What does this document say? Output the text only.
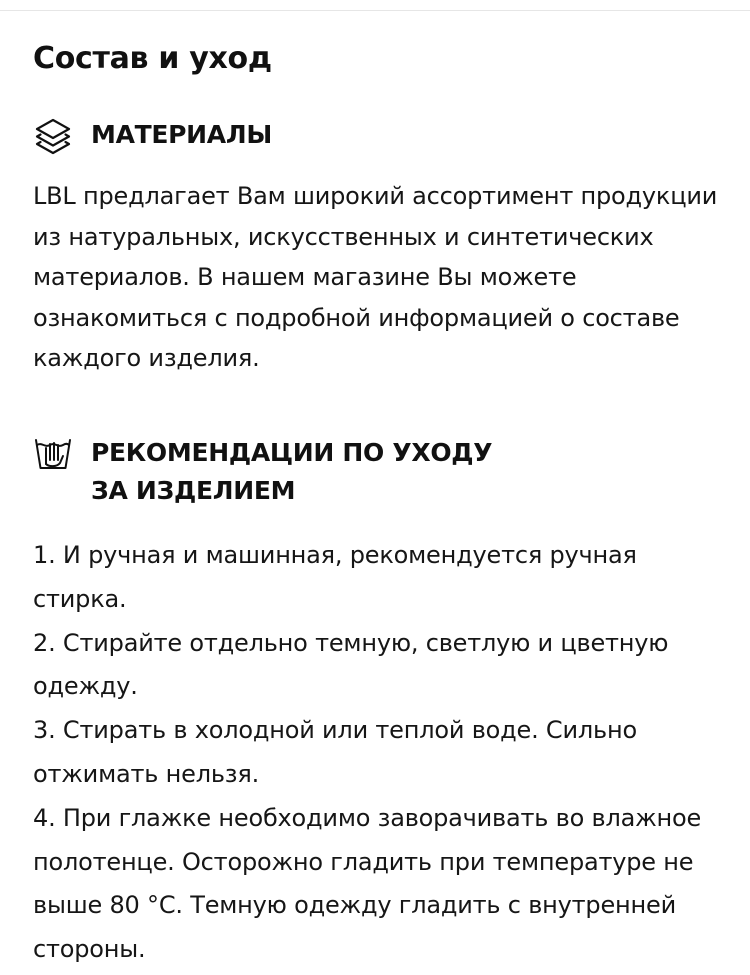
Состав и уход
МАТЕРИАЛЫ

LBL предлагает Вам широкий ассортимент продукции из натуральных, искусственных и синтетических материалов. В нашем магазине Вы можете ознакомиться с подробной информацией о составе каждого изделия.

РЕКОМЕНДАЦИИ ПО УХОДУ ЗА ИЗДЕЛИЕМ
1. И ручная и машинная, рекомендуется ручная стирка.
2. Стирайте отдельно темную, светлую и цветную одежду.
3. Стирать в холодной или теплой воде. Сильно отжимать нельзя.
4. При глажке необходимо заворачивать во влажное полотенце. Осторожно гладить при температуре не выше 80 °C. Темную одежду гладить с внутренней стороны.
